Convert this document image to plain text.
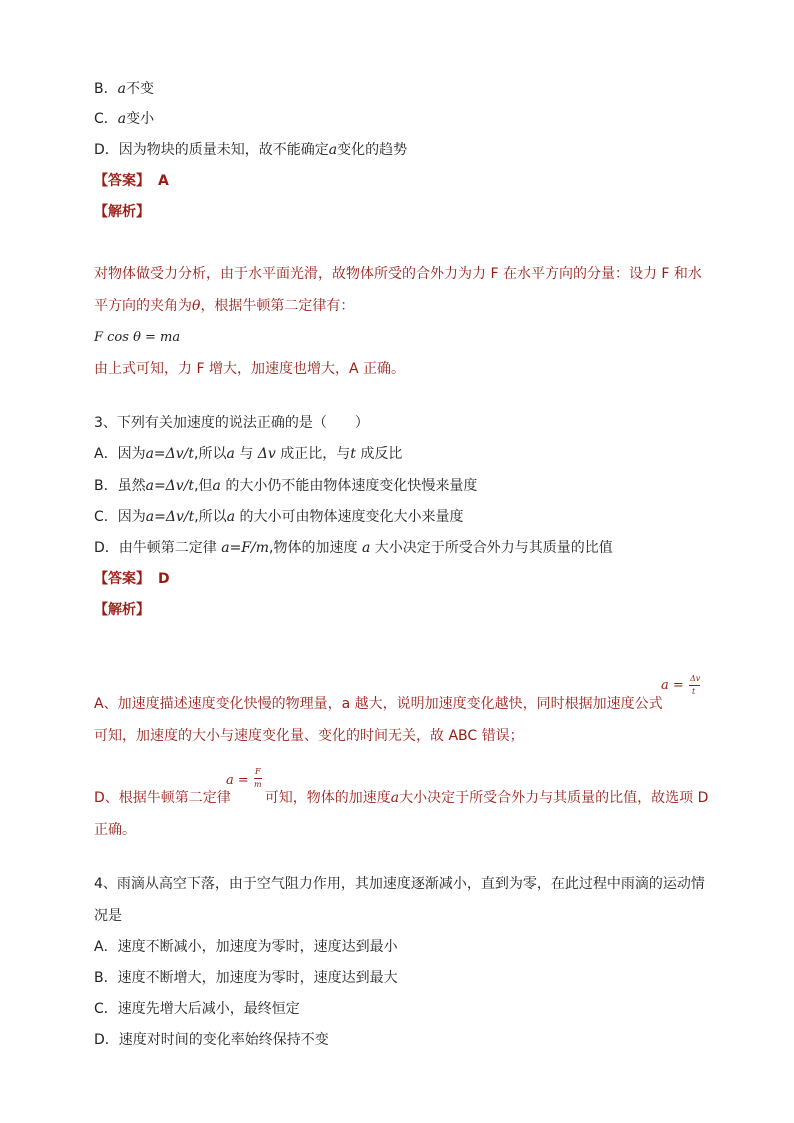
B．a不变
C．a变小
D．因为物块的质量未知，故不能确定a变化的趋势
【答案】 A
【解析】
对物体做受力分析，由于水平面光滑，故物体所受的合外力为力 F 在水平方向的分量：设力 F 和水
平方向的夹角为θ，根据牛顿第二定律有：
F cos θ = ma
由上式可知，力 F 增大，加速度也增大，A 正确。
3、下列有关加速度的说法正确的是（　　）
A．因为a=Δv/t,所以a 与 Δv 成正比，与t 成反比
B．虽然a=Δv/t,但a 的大小仍不能由物体速度变化快慢来量度
C．因为a=Δv/t,所以a 的大小可由物体速度变化大小来量度
D．由牛顿第二定律 a=F/m,物体的加速度 a 大小决定于所受合外力与其质量的比值
【答案】 D
【解析】
a = Δv
t
A、加速度描述速度变化快慢的物理量，a 越大，说明加速度变化越快，同时根据加速度公式
可知，加速度的大小与速度变化量、变化的时间无关，故 ABC 错误；
a =
F
m
D、根据牛顿第二定律 可知，物体的加速度a大小决定于所受合外力与其质量的比值，故选项 D
正确。
4、雨滴从高空下落，由于空气阻力作用，其加速度逐渐减小，直到为零，在此过程中雨滴的运动情
况是
A．速度不断减小，加速度为零时，速度达到最小
B．速度不断增大，加速度为零时，速度达到最大
C．速度先增大后减小，最终恒定
D．速度对时间的变化率始终保持不变
